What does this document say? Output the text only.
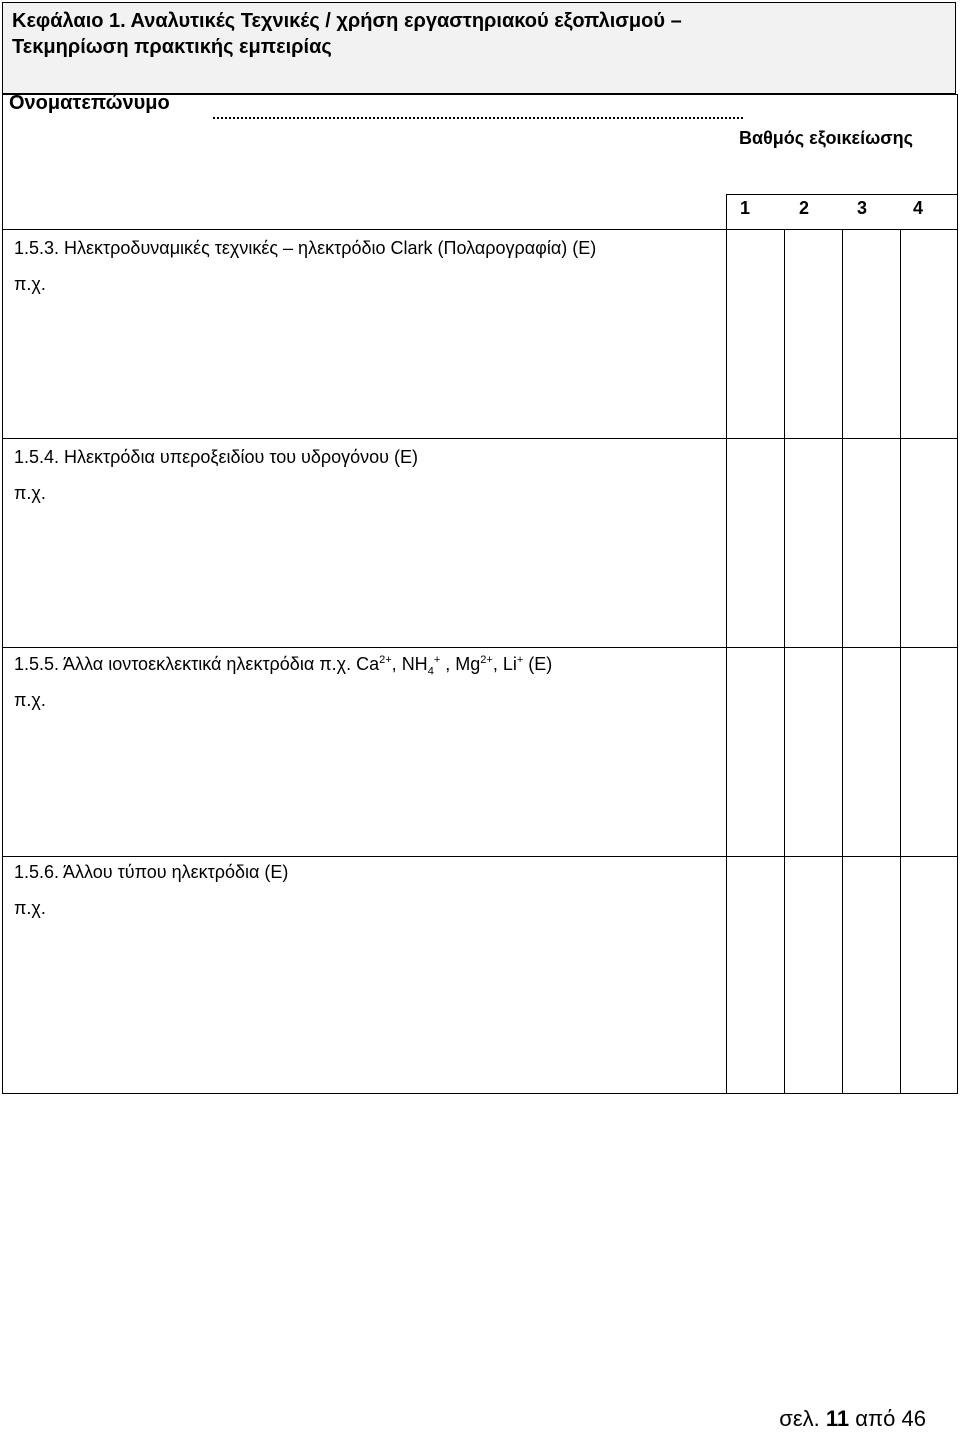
Κεφάλαιο 1. Αναλυτικές Τεχνικές / χρήση εργαστηριακού εξοπλισμού –
Τεκμηρίωση πρακτικής εμπειρίας
Ονοματεπώνυμο
Βαθμός εξοικείωσης
1	2	3	4
1.5.3. Ηλεκτροδυναμικές τεχνικές – ηλεκτρόδιο Clark (Πολαρογραφία) (Ε)
π.χ.
1.5.4. Ηλεκτρόδια υπεροξειδίου του υδρογόνου (Ε)
π.χ.
1.5.5. Άλλα ιοντοεκλεκτικά ηλεκτρόδια π.χ. $Ca^{2+}$, $NH_4^+$ , $Mg^{2+}$, Li+ (Ε)
π.χ.
1.5.6. Άλλου τύπου ηλεκτρόδια (Ε)
π.χ.
σελ. 11 από 46
